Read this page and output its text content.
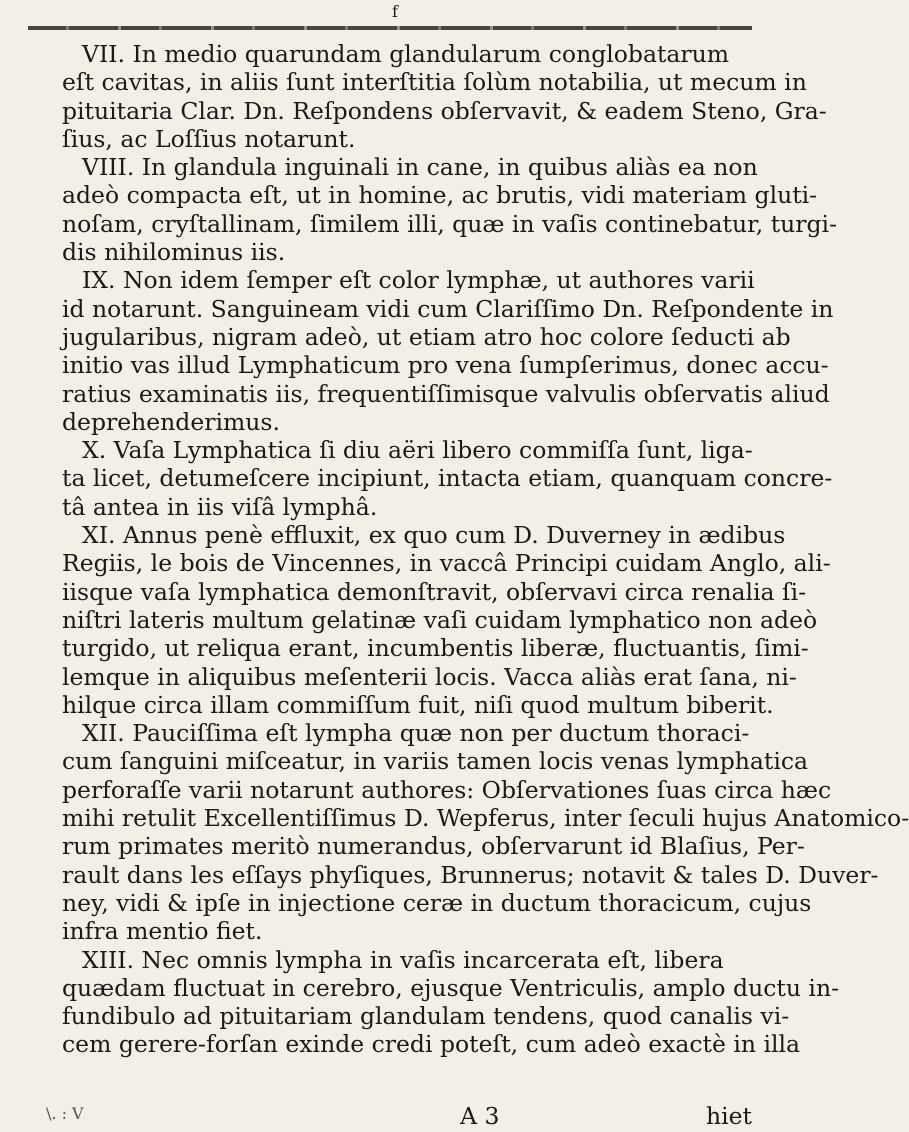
f
VII. In medio quarundam glandularum conglobatarum
eſt cavitas, in aliis ſunt interſtitia ſolùm notabilia, ut mecum in
pituitaria Clar. Dn. Reſpondens obſervavit, & eadem Steno, Gra-
ſius, ac Loſſius notarunt.
VIII. In glandula inguinali in cane, in quibus aliàs ea non
adeò compacta eſt, ut in homine, ac brutis, vidi materiam gluti-
noſam, cryſtallinam, ſimilem illi, quæ in vaſis continebatur, turgi-
dis nihilominus iis.
IX. Non idem ſemper eſt color lymphæ, ut authores varii
id notarunt. Sanguineam vidi cum Clariſſimo Dn. Reſpondente in
jugularibus, nigram adeò, ut etiam atro hoc colore ſeducti ab
initio vas illud Lymphaticum pro vena ſumpſerimus, donec accu-
ratius examinatis iis, frequentiſſimisque valvulis obſervatis aliud
deprehenderimus.
X. Vaſa Lymphatica ſi diu aëri libero commiſſa ſunt, liga-
ta licet, detumeſcere incipiunt, intacta etiam, quanquam concre-
tâ antea in iis viſâ lymphâ.
XI. Annus penè effluxit, ex quo cum D. Duverney in ædibus
Regiis, le bois de Vincennes, in vaccâ Principi cuidam Anglo, ali-
iisque vaſa lymphatica demonſtravit, obſervavi circa renalia ſi-
niſtri lateris multum gelatinæ vaſi cuidam lymphatico non adeò
turgido, ut reliqua erant, incumbentis liberæ, fluctuantis, ſimi-
lemque in aliquibus meſenterii locis. Vacca aliàs erat ſana, ni-
hilque circa illam commiſſum fuit, niſi quod multum biberit.
XII. Pauciſſima eſt lympha quæ non per ductum thoraci-
cum ſanguini miſceatur, in variis tamen locis venas lymphatica
perforaſſe varii notarunt authores: Obſervationes ſuas circa hæc
mihi retulit Excellentiſſimus D. Wepferus, inter ſeculi hujus Anatomico-
rum primates meritò numerandus, obſervarunt id Blaſius, Per-
rault dans les eſſays phyſiques, Brunnerus; notavit & tales D. Duver-
ney, vidi & ipſe in injectione ceræ in ductum thoracicum, cujus
infra mentio fiet.
XIII. Nec omnis lympha in vaſis incarcerata eſt, libera
quædam fluctuat in cerebro, ejusque Ventriculis, amplo ductu in-
fundibulo ad pituitariam glandulam tendens, quod canalis vi-
cem gerere-forſan exinde credi poteſt, cum adeò exactè in illa
\. : V	A 3	hiet
